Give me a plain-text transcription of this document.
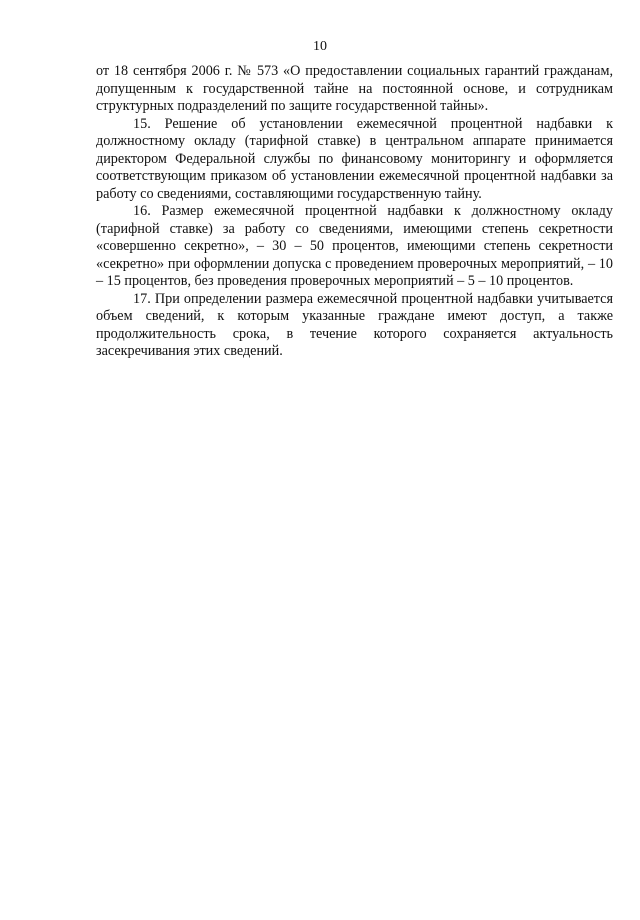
10

от 18 сентября 2006 г. № 573 «О предоставлении социальных гарантий гражданам, допущенным к государственной тайне на постоянной основе, и сотрудникам структурных подразделений по защите государственной тайны».

15. Решение об установлении ежемесячной процентной надбавки к должностному окладу (тарифной ставке) в центральном аппарате принимается директором Федеральной службы по финансовому мониторингу и оформляется соответствующим приказом об установлении ежемесячной процентной надбавки за работу со сведениями, составляющими государственную тайну.

16. Размер ежемесячной процентной надбавки к должностному окладу (тарифной ставке) за работу со сведениями, имеющими степень секретности «совершенно секретно», – 30 – 50 процентов, имеющими степень секретности «секретно» при оформлении допуска с проведением проверочных мероприятий, – 10 – 15 процентов, без проведения проверочных мероприятий – 5 – 10 процентов.

17. При определении размера ежемесячной процентной надбавки учитывается объем сведений, к которым указанные граждане имеют доступ, а также продолжительность срока, в течение которого сохраняется актуальность засекречивания этих сведений.
